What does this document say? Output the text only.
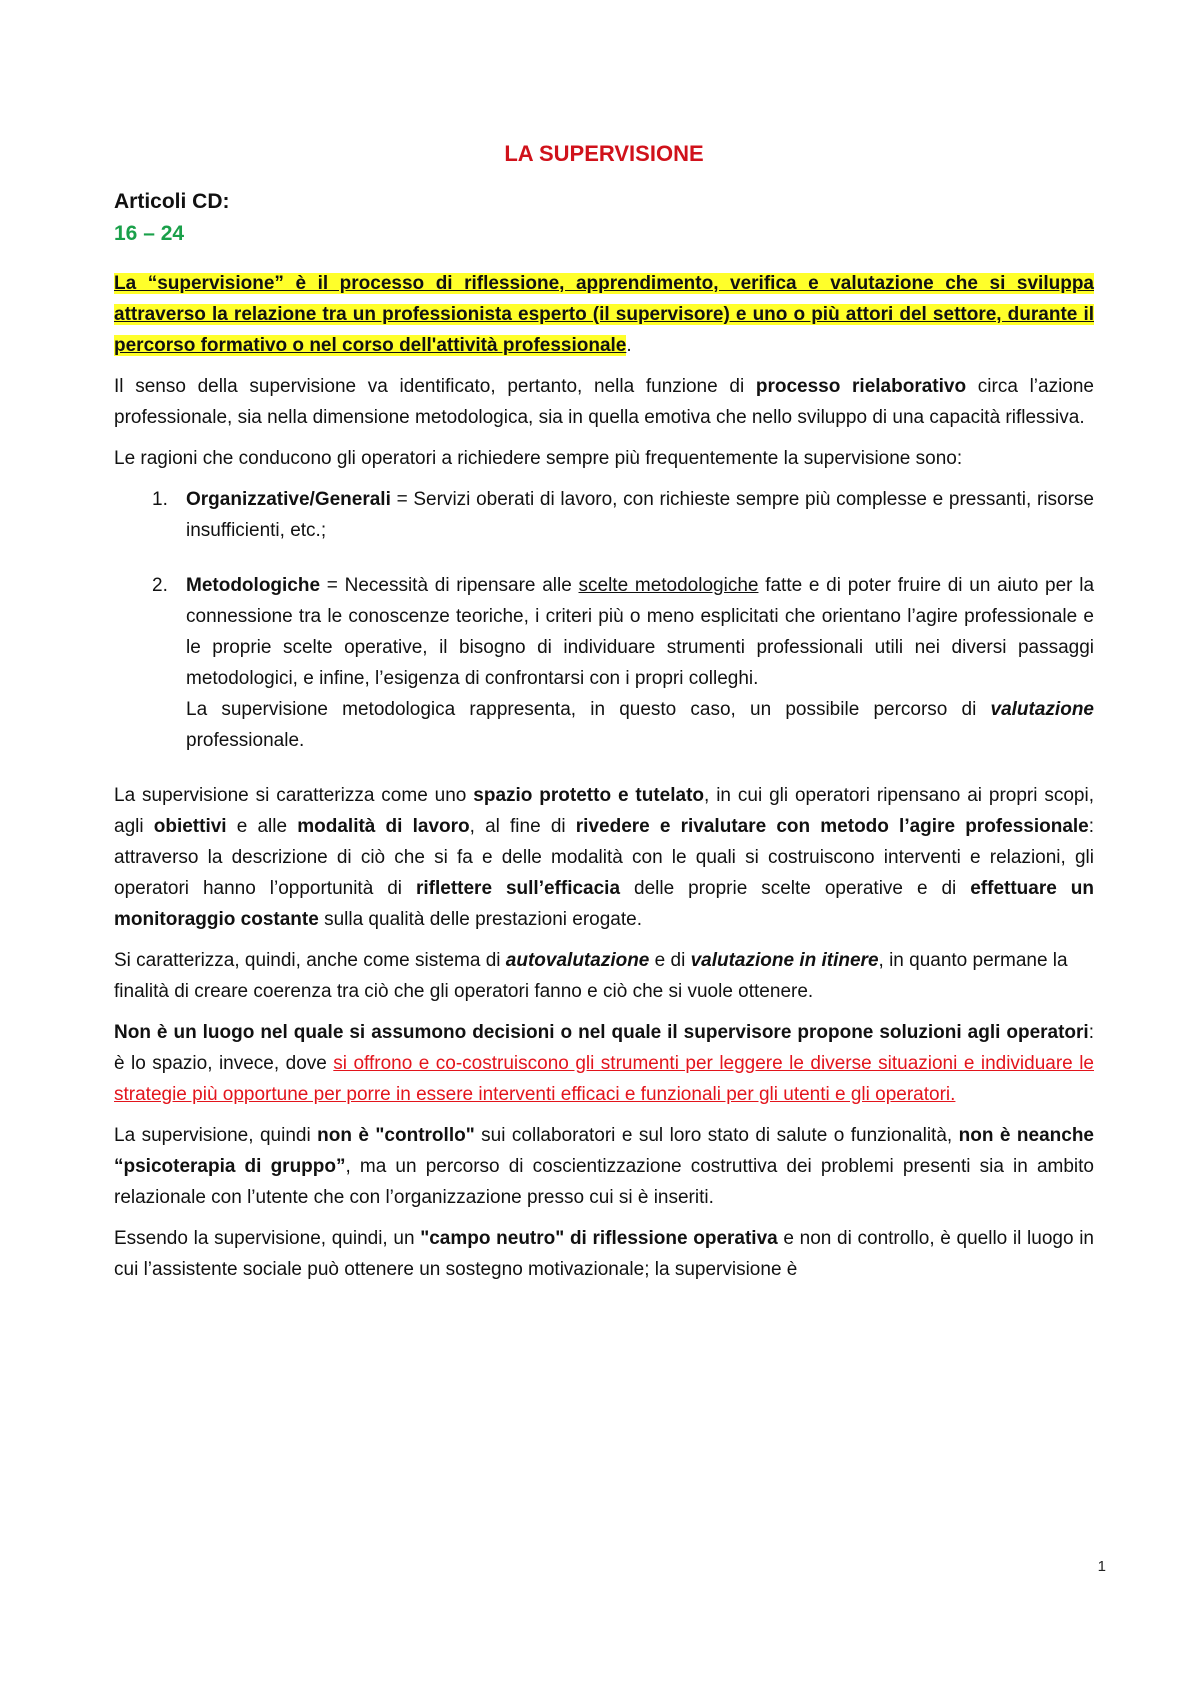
LA SUPERVISIONE
Articoli CD:
16 – 24

La “supervisione” è il processo di riflessione, apprendimento, verifica e valutazione che si sviluppa attraverso la relazione tra un professionista esperto (il supervisore) e uno o più attori del settore, durante il percorso formativo o nel corso dell'attività professionale.

Il senso della supervisione va identificato, pertanto, nella funzione di processo rielaborativo circa l’azione professionale, sia nella dimensione metodologica, sia in quella emotiva che nello sviluppo di una capacità riflessiva.

Le ragioni che conducono gli operatori a richiedere sempre più frequentemente la supervisione sono:

1. Organizzative/Generali = Servizi oberati di lavoro, con richieste sempre più complesse e pressanti, risorse insufficienti, etc.;
2. Metodologiche = Necessità di ripensare alle scelte metodologiche fatte e di poter fruire di un aiuto per la connessione tra le conoscenze teoriche, i criteri più o meno esplicitati che orientano l’agire professionale e le proprie scelte operative, il bisogno di individuare strumenti professionali utili nei diversi passaggi metodologici, e infine, l’esigenza di confrontarsi con i propri colleghi.
La supervisione metodologica rappresenta, in questo caso, un possibile percorso di valutazione professionale.

La supervisione si caratterizza come uno spazio protetto e tutelato, in cui gli operatori ripensano ai propri scopi, agli obiettivi e alle modalità di lavoro, al fine di rivedere e rivalutare con metodo l’agire professionale: attraverso la descrizione di ciò che si fa e delle modalità con le quali si costruiscono interventi e relazioni, gli operatori hanno l’opportunità di riflettere sull’efficacia delle proprie scelte operative e di effettuare un monitoraggio costante sulla qualità delle prestazioni erogate.

Si caratterizza, quindi, anche come sistema di autovalutazione e di valutazione in itinere, in quanto permane la finalità di creare coerenza tra ciò che gli operatori fanno e ciò che si vuole ottenere.

Non è un luogo nel quale si assumono decisioni o nel quale il supervisore propone soluzioni agli operatori: è lo spazio, invece, dove si offrono e co-costruiscono gli strumenti per leggere le diverse situazioni e individuare le strategie più opportune per porre in essere interventi efficaci e funzionali per gli utenti e gli operatori.

La supervisione, quindi non è "controllo" sui collaboratori e sul loro stato di salute o funzionalità, non è neanche “psicoterapia di gruppo”, ma un percorso di coscientizzazione costruttiva dei problemi presenti sia in ambito relazionale con l’utente che con l’organizzazione presso cui si è inseriti.

Essendo la supervisione, quindi, un "campo neutro" di riflessione operativa e non di controllo, è quello il luogo in cui l’assistente sociale può ottenere un sostegno motivazionale; la supervisione è

1
